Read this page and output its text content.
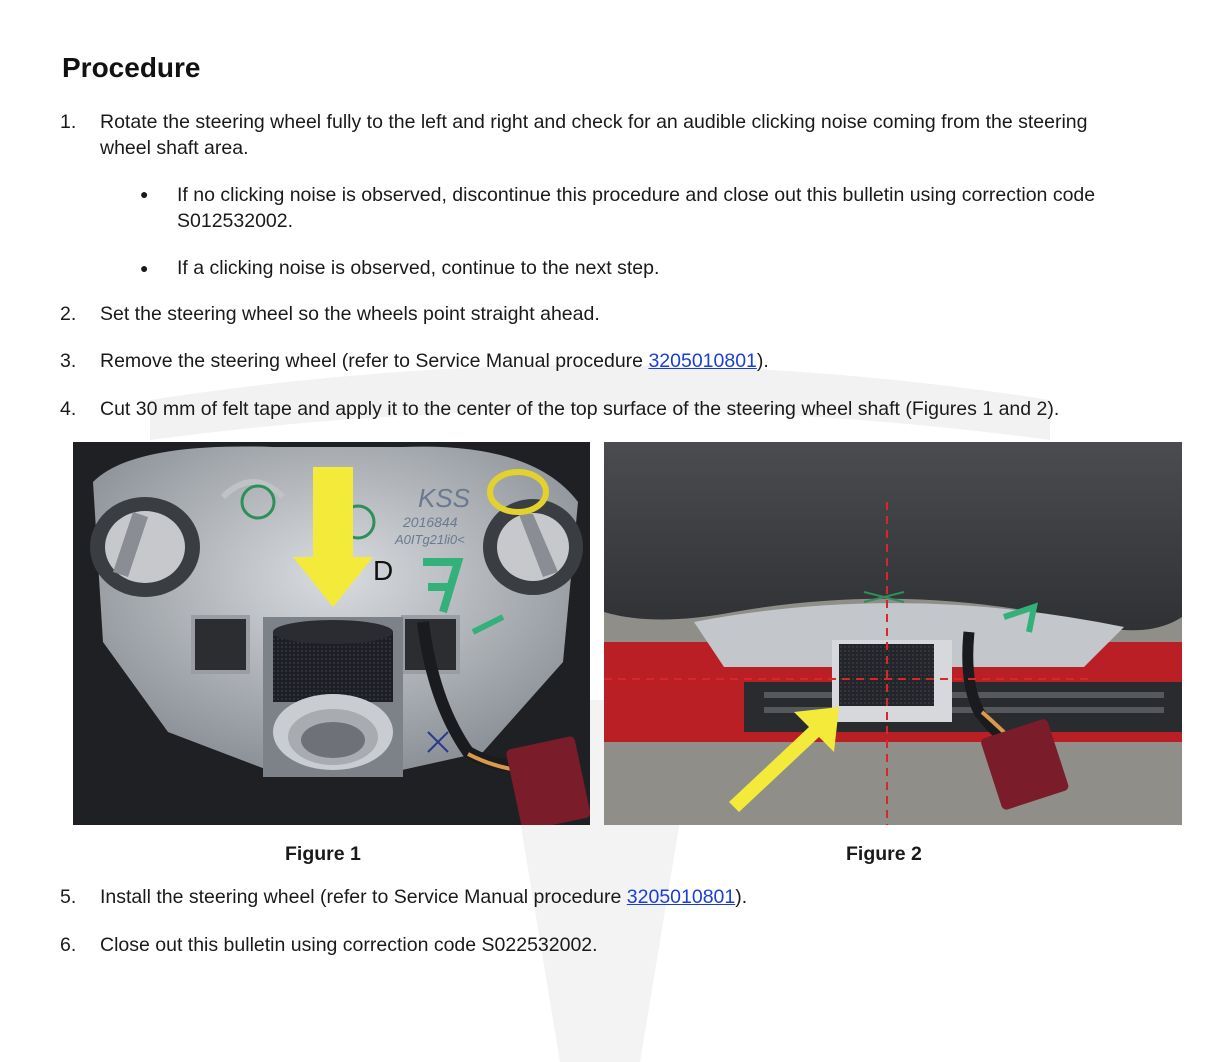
Procedure
1. Rotate the steering wheel fully to the left and right and check for an audible clicking noise coming from the steering wheel shaft area.
● If no clicking noise is observed, discontinue this procedure and close out this bulletin using correction code S012532002.
● If a clicking noise is observed, continue to the next step.
2. Set the steering wheel so the wheels point straight ahead.
3. Remove the steering wheel (refer to Service Manual procedure 3205010801).
4. Cut 30 mm of felt tape and apply it to the center of the top surface of the steering wheel shaft (Figures 1 and 2).
KSS
2016844
A0ITg21li0<
D
Figure 1	Figure 2
5. Install the steering wheel (refer to Service Manual procedure 3205010801).
6. Close out this bulletin using correction code S022532002.
